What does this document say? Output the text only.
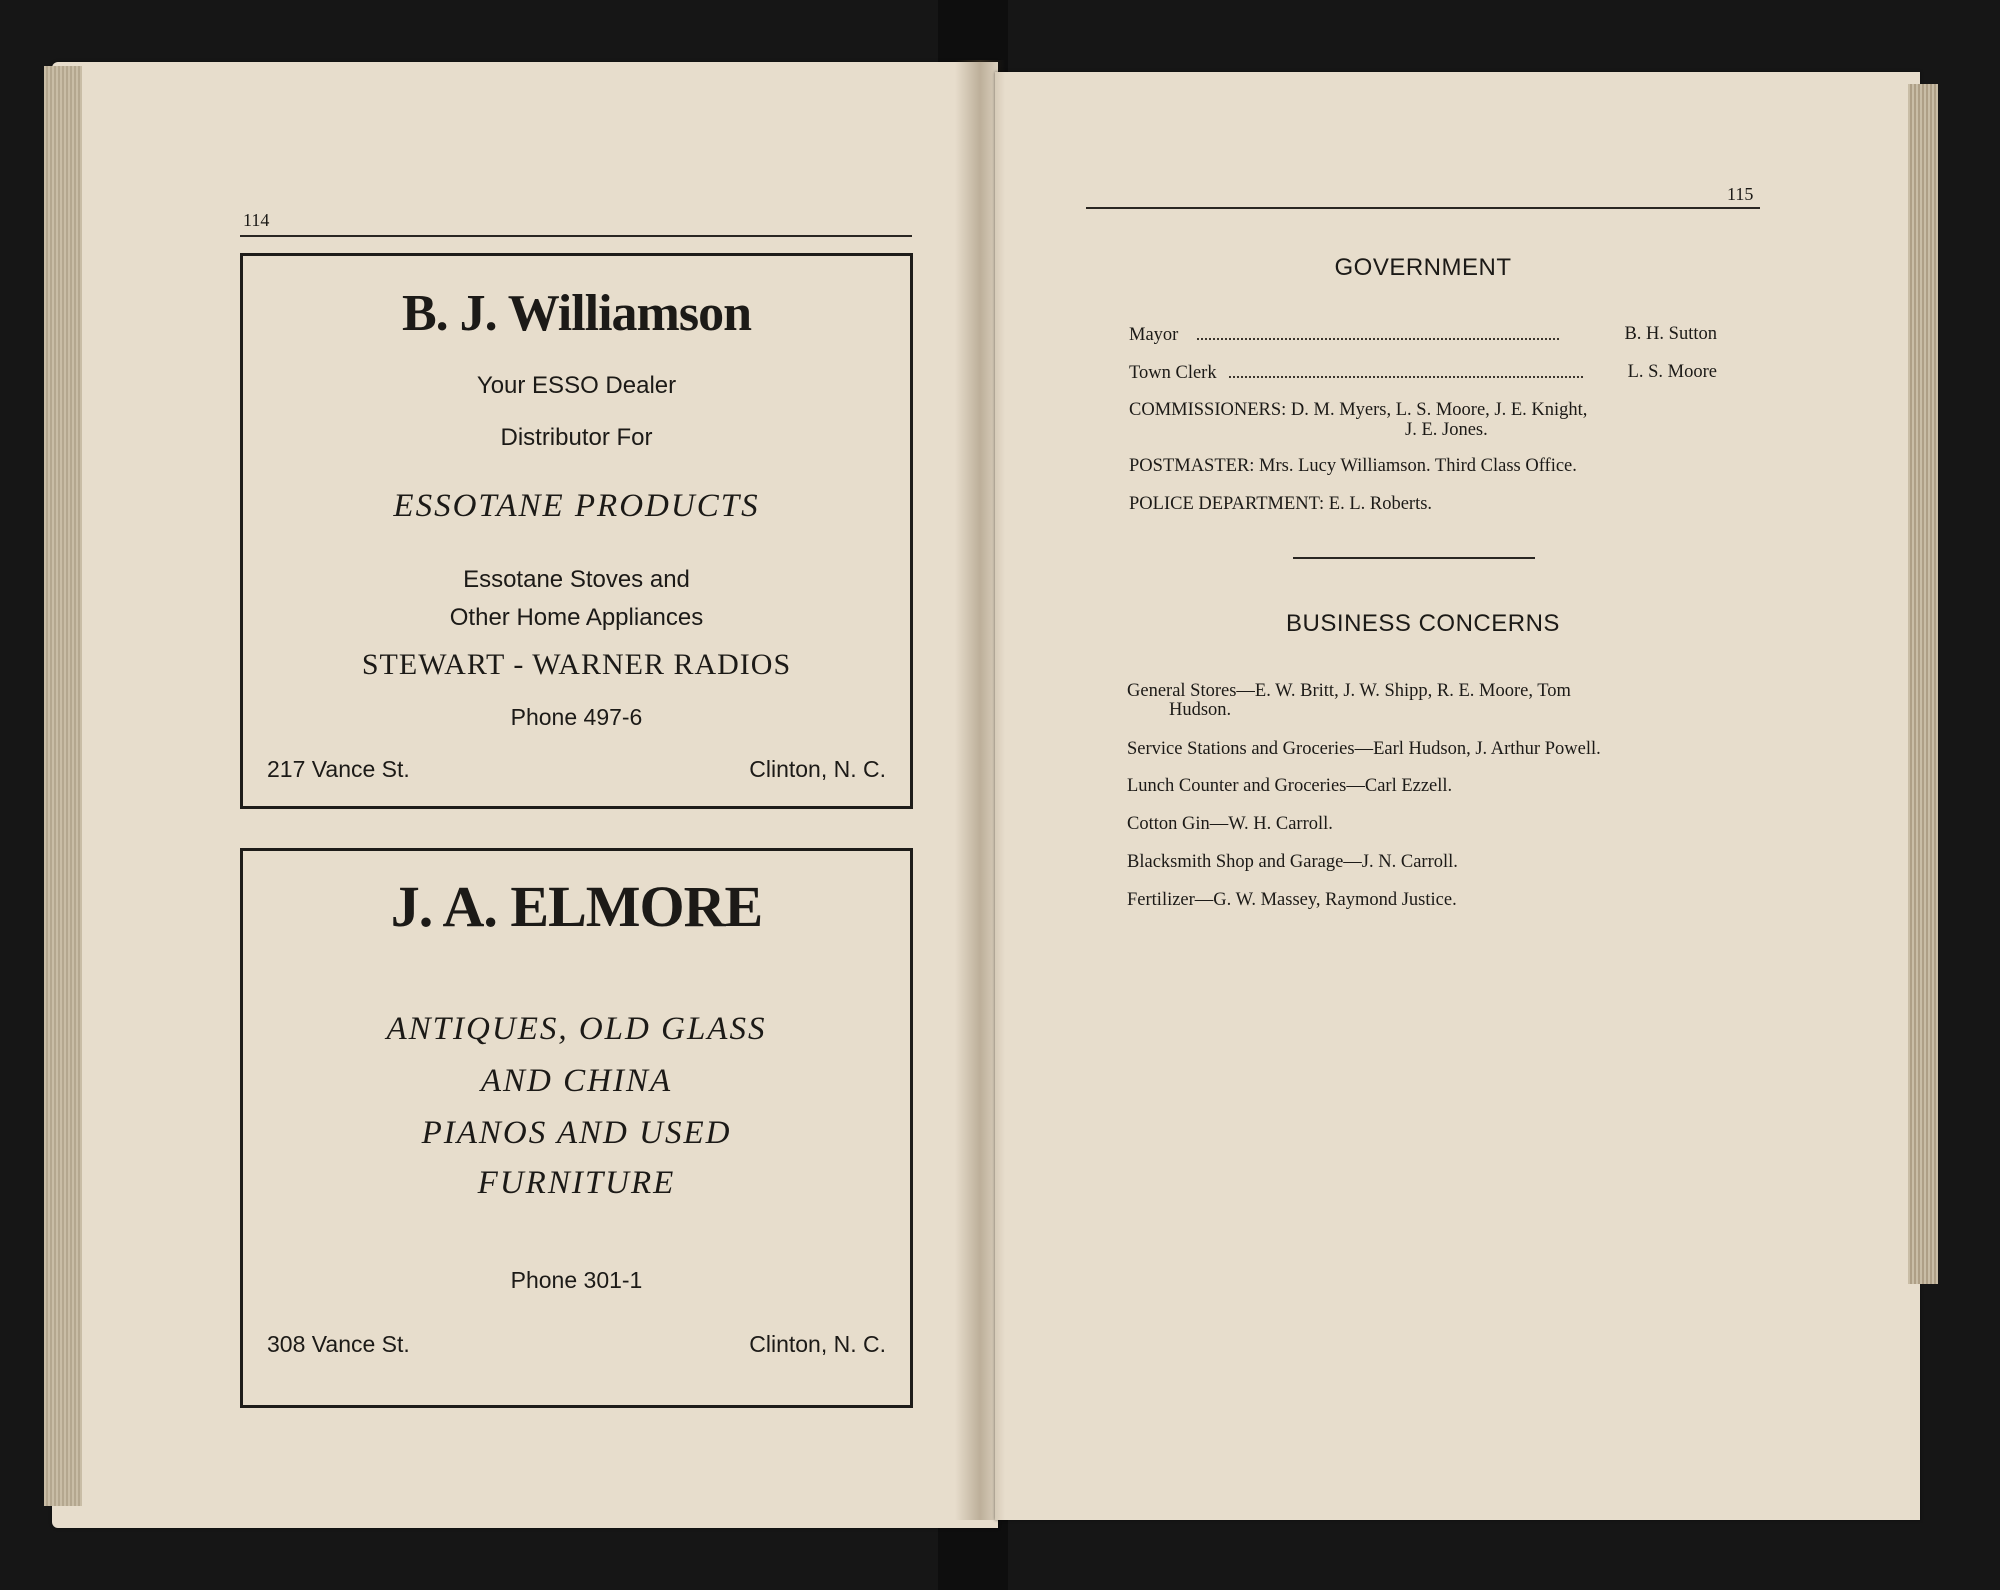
114
B. J. Williamson
Your ESSO Dealer
Distributor For
ESSOTANE PRODUCTS
Essotane Stoves and
Other Home Appliances
STEWART - WARNER RADIOS
Phone 497-6
217 Vance St.	Clinton, N. C.
J. A. ELMORE
ANTIQUES, OLD GLASS
AND CHINA
PIANOS AND USED
FURNITURE
Phone 301-1
308 Vance St.	Clinton, N. C.
115
GOVERNMENT
Mayor	B. H. Sutton
Town Clerk	L. S. Moore
COMMISSIONERS: D. M. Myers, L. S. Moore, J. E. Knight,
J. E. Jones.
POSTMASTER: Mrs. Lucy Williamson. Third Class Office.
POLICE DEPARTMENT: E. L. Roberts.
BUSINESS CONCERNS
General Stores—E. W. Britt, J. W. Shipp, R. E. Moore, Tom
Hudson.
Service Stations and Groceries—Earl Hudson, J. Arthur Powell.
Lunch Counter and Groceries—Carl Ezzell.
Cotton Gin—W. H. Carroll.
Blacksmith Shop and Garage—J. N. Carroll.
Fertilizer—G. W. Massey, Raymond Justice.
